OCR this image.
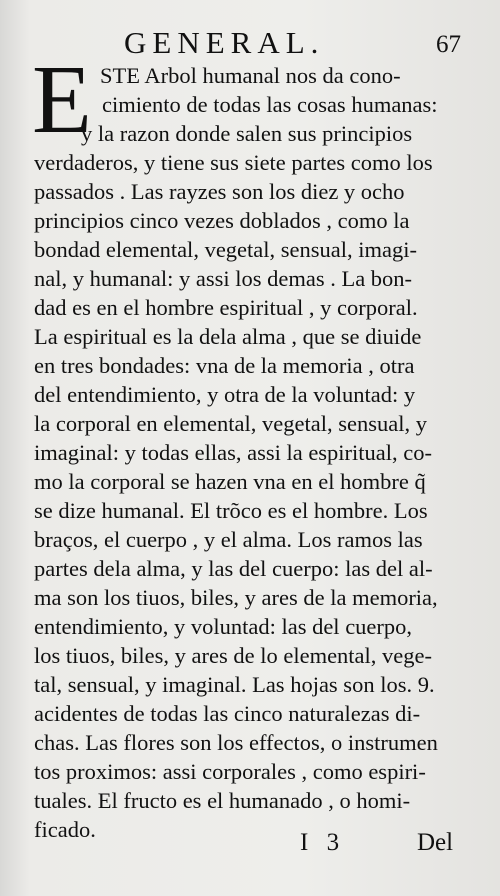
GENERAL.	67
E STE Arbol humanal nos da cono-
cimiento de todas las cosas humanas:
y la razon donde salen sus principios
verdaderos, y tiene sus siete partes como los
passados . Las rayzes son los diez y ocho
principios cinco vezes doblados , como la
bondad elemental, vegetal, sensual, imagi-
nal, y humanal: y assi los demas . La bon-
dad es en el hombre espiritual , y corporal.
La espiritual es la dela alma , que se diuide
en tres bondades: vna de la memoria , otra
del entendimiento, y otra de la voluntad: y
la corporal en elemental, vegetal, sensual, y
imaginal: y todas ellas, assi la espiritual, co-
mo la corporal se hazen vna en el hombre q̃
se dize humanal. El trõco es el hombre. Los
braços, el cuerpo , y el alma. Los ramos las
partes dela alma, y las del cuerpo: las del al-
ma son los tiuos, biles, y ares de la memoria,
entendimiento, y voluntad: las del cuerpo,
los tiuos, biles, y ares de lo elemental, vege-
tal, sensual, y imaginal. Las hojas son los. 9.
acidentes de todas las cinco naturalezas di-
chas. Las flores son los effectos, o instrumen
tos proximos: assi corporales , como espiri-
tuales. El fructo es el humanado , o homi-
ficado.	I 3	Del
